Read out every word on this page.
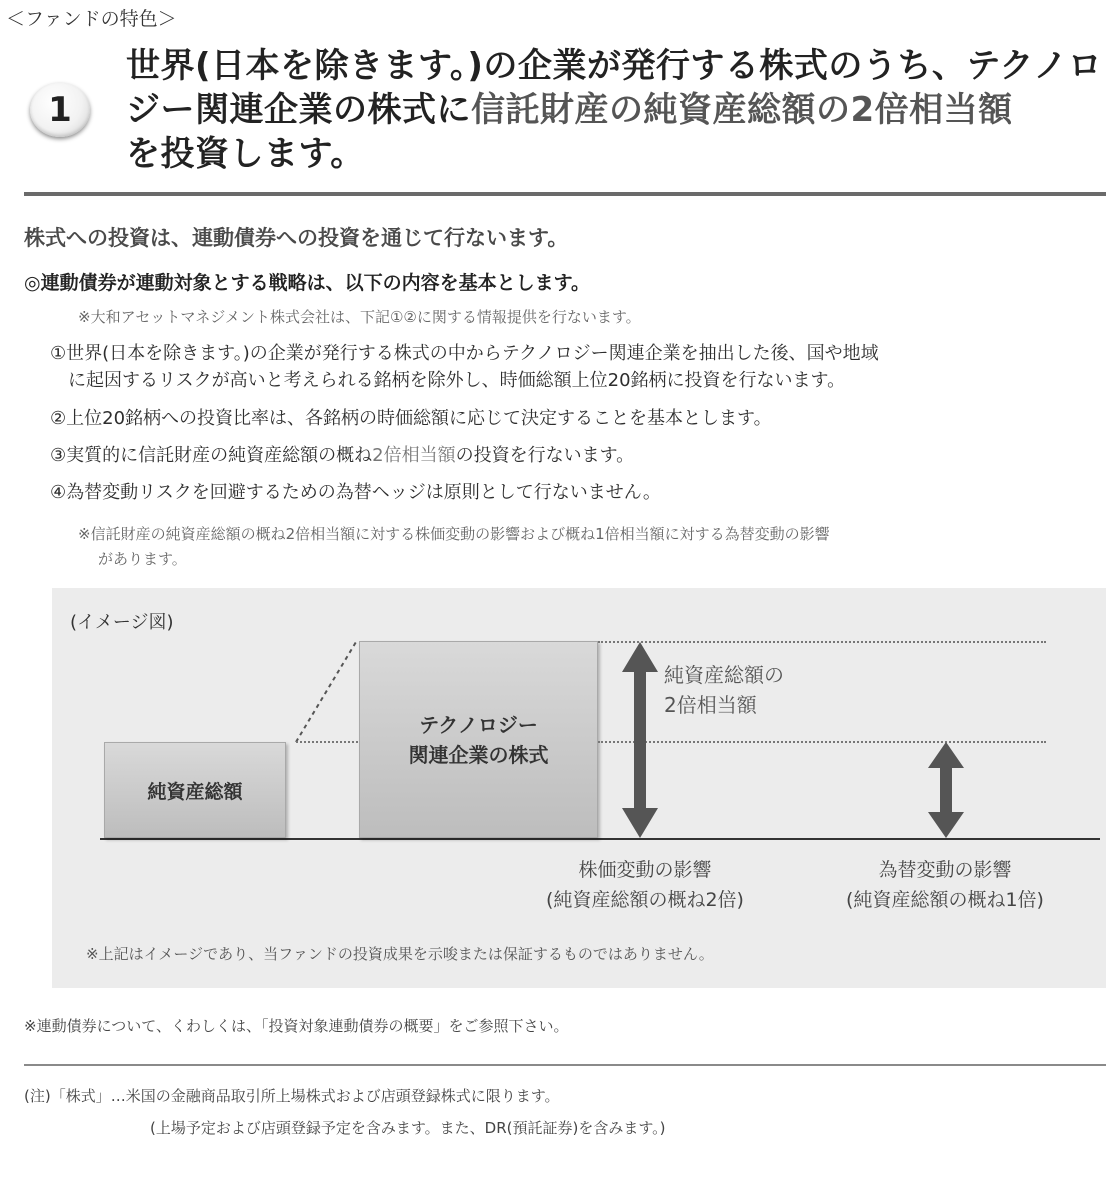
＜ファンドの特色＞
1
世界(日本を除きます。)の企業が発行する株式のうち、テクノロジー関連企業の株式に信託財産の純資産総額の2倍相当額
を投資します。
株式への投資は、連動債券への投資を通じて行ないます。
◎連動債券が連動対象とする戦略は、以下の内容を基本とします。
※大和アセットマネジメント株式会社は、下記①②に関する情報提供を行ないます。
①世界(日本を除きます。)の企業が発行する株式の中からテクノロジー関連企業を抽出した後、国や地域
　に起因するリスクが高いと考えられる銘柄を除外し、時価総額上位20銘柄に投資を行ないます。
②上位20銘柄への投資比率は、各銘柄の時価総額に応じて決定することを基本とします。
③実質的に信託財産の純資産総額の概ね2倍相当額の投資を行ないます。
④為替変動リスクを回避するための為替ヘッジは原則として行ないません。
※信託財産の純資産総額の概ね2倍相当額に対する株価変動の影響および概ね1倍相当額に対する為替変動の影響
があります。
(イメージ図)
純資産総額
テクノロジー
関連企業の株式
純資産総額の
2倍相当額
株価変動の影響
(純資産総額の概ね2倍)
為替変動の影響
(純資産総額の概ね1倍)
※上記はイメージであり、当ファンドの投資成果を示唆または保証するものではありません。
※連動債券について、くわしくは、「投資対象連動債券の概要」をご参照下さい。
(注)「株式」…米国の金融商品取引所上場株式および店頭登録株式に限ります。
(上場予定および店頭登録予定を含みます。また、DR(預託証券)を含みます。)
